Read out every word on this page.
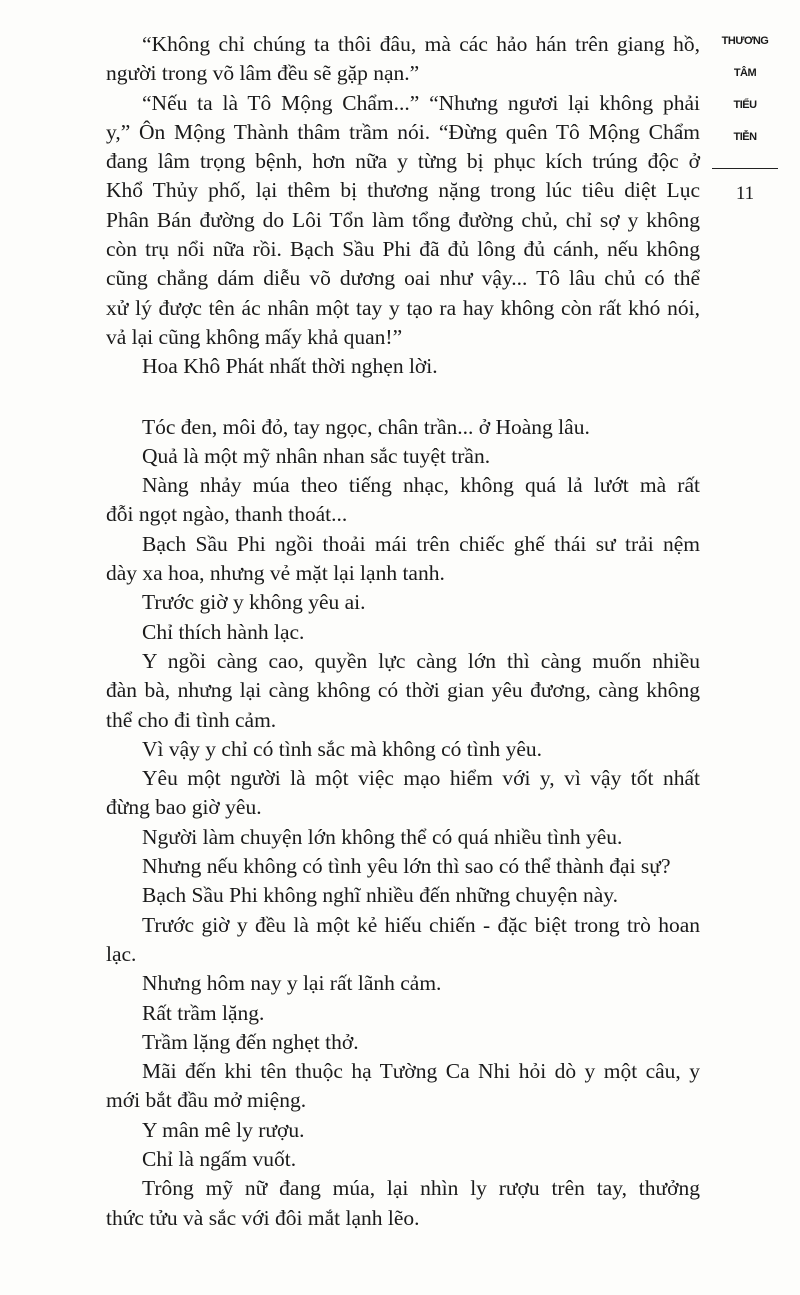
“Không chỉ chúng ta thôi đâu, mà các hảo hán trên giang hồ,
người trong võ lâm đều sẽ gặp nạn.”
“Nếu ta là Tô Mộng Chẩm...” “Nhưng ngươi lại không phải
y,” Ôn Mộng Thành thâm trầm nói. “Đừng quên Tô Mộng Chẩm
đang lâm trọng bệnh, hơn nữa y từng bị phục kích trúng độc ở
Khổ Thủy phố, lại thêm bị thương nặng trong lúc tiêu diệt Lục
Phân Bán đường do Lôi Tổn làm tổng đường chủ, chỉ sợ y không
còn trụ nổi nữa rồi. Bạch Sầu Phi đã đủ lông đủ cánh, nếu không
cũng chẳng dám diễu võ dương oai như vậy... Tô lâu chủ có thể
xử lý được tên ác nhân một tay y tạo ra hay không còn rất khó nói,
vả lại cũng không mấy khả quan!”
Hoa Khô Phát nhất thời nghẹn lời.
Tóc đen, môi đỏ, tay ngọc, chân trần... ở Hoàng lâu.
Quả là một mỹ nhân nhan sắc tuyệt trần.
Nàng nhảy múa theo tiếng nhạc, không quá lả lướt mà rất
đỗi ngọt ngào, thanh thoát...
Bạch Sầu Phi ngồi thoải mái trên chiếc ghế thái sư trải nệm
dày xa hoa, nhưng vẻ mặt lại lạnh tanh.
Trước giờ y không yêu ai.
Chỉ thích hành lạc.
Y ngồi càng cao, quyền lực càng lớn thì càng muốn nhiều
đàn bà, nhưng lại càng không có thời gian yêu đương, càng không
thể cho đi tình cảm.
Vì vậy y chỉ có tình sắc mà không có tình yêu.
Yêu một người là một việc mạo hiểm với y, vì vậy tốt nhất
đừng bao giờ yêu.
Người làm chuyện lớn không thể có quá nhiều tình yêu.
Nhưng nếu không có tình yêu lớn thì sao có thể thành đại sự?
Bạch Sầu Phi không nghĩ nhiều đến những chuyện này.
Trước giờ y đều là một kẻ hiếu chiến - đặc biệt trong trò hoan
lạc.
Nhưng hôm nay y lại rất lãnh cảm.
Rất trầm lặng.
Trầm lặng đến nghẹt thở.
Mãi đến khi tên thuộc hạ Tường Ca Nhi hỏi dò y một câu, y
mới bắt đầu mở miệng.
Y mân mê ly rượu.
Chỉ là ngấm vuốt.
Trông mỹ nữ đang múa, lại nhìn ly rượu trên tay, thưởng
thức tửu và sắc với đôi mắt lạnh lẽo.
THƯƠNG
TÂM
TIỂU
TIỄN
11
